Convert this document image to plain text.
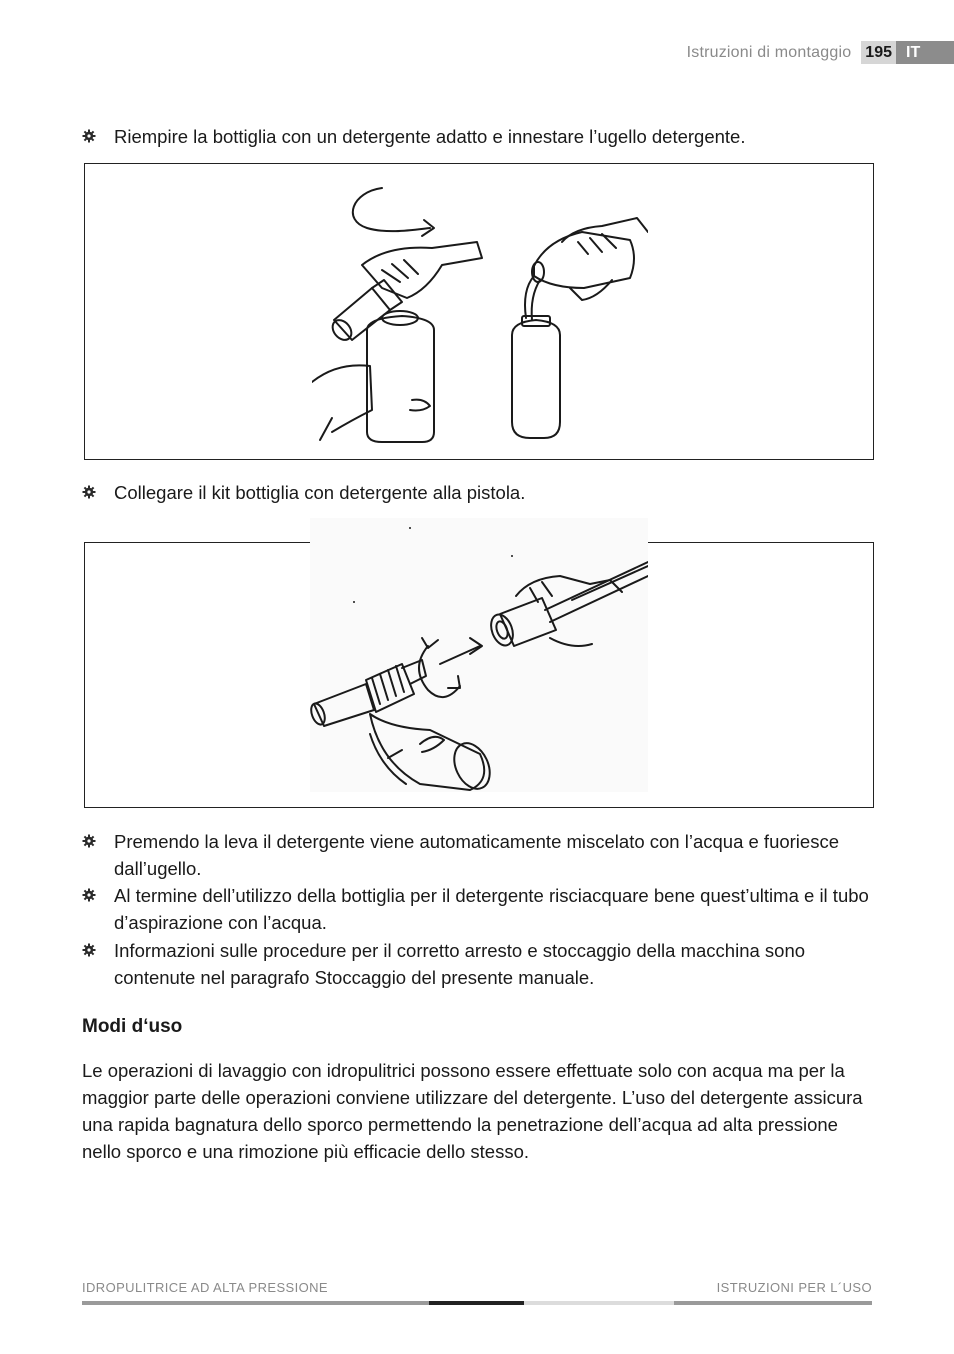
Istruzioni di montaggio 195 IT
Riempire la bottiglia con un detergente adatto e innestare l’ugello detergente.
Collegare il kit bottiglia con detergente alla pistola.
Premendo la leva il detergente viene automaticamente miscelato con l’acqua e fuoriesce dall’ugello.
Al termine dell’utilizzo della bottiglia per il detergente risciacquare bene quest’ultima e il tubo d’aspirazione con l’acqua.
Informazioni sulle procedure per il corretto arresto e stoccaggio della macchina sono contenute nel paragrafo Stoccaggio del presente manuale.
Modi d‘uso
Le operazioni di lavaggio con idropulitrici possono essere effettuate solo con acqua ma per la maggior parte delle operazioni conviene utilizzare del detergente. L’uso del detergente assicura una rapida bagnatura dello sporco permettendo la penetrazione dell’acqua ad alta pressione nello sporco e una rimozione più efficacie dello stesso.
IDROPULITRICE AD ALTA PRESSIONE	ISTRUZIONI PER L´USO
